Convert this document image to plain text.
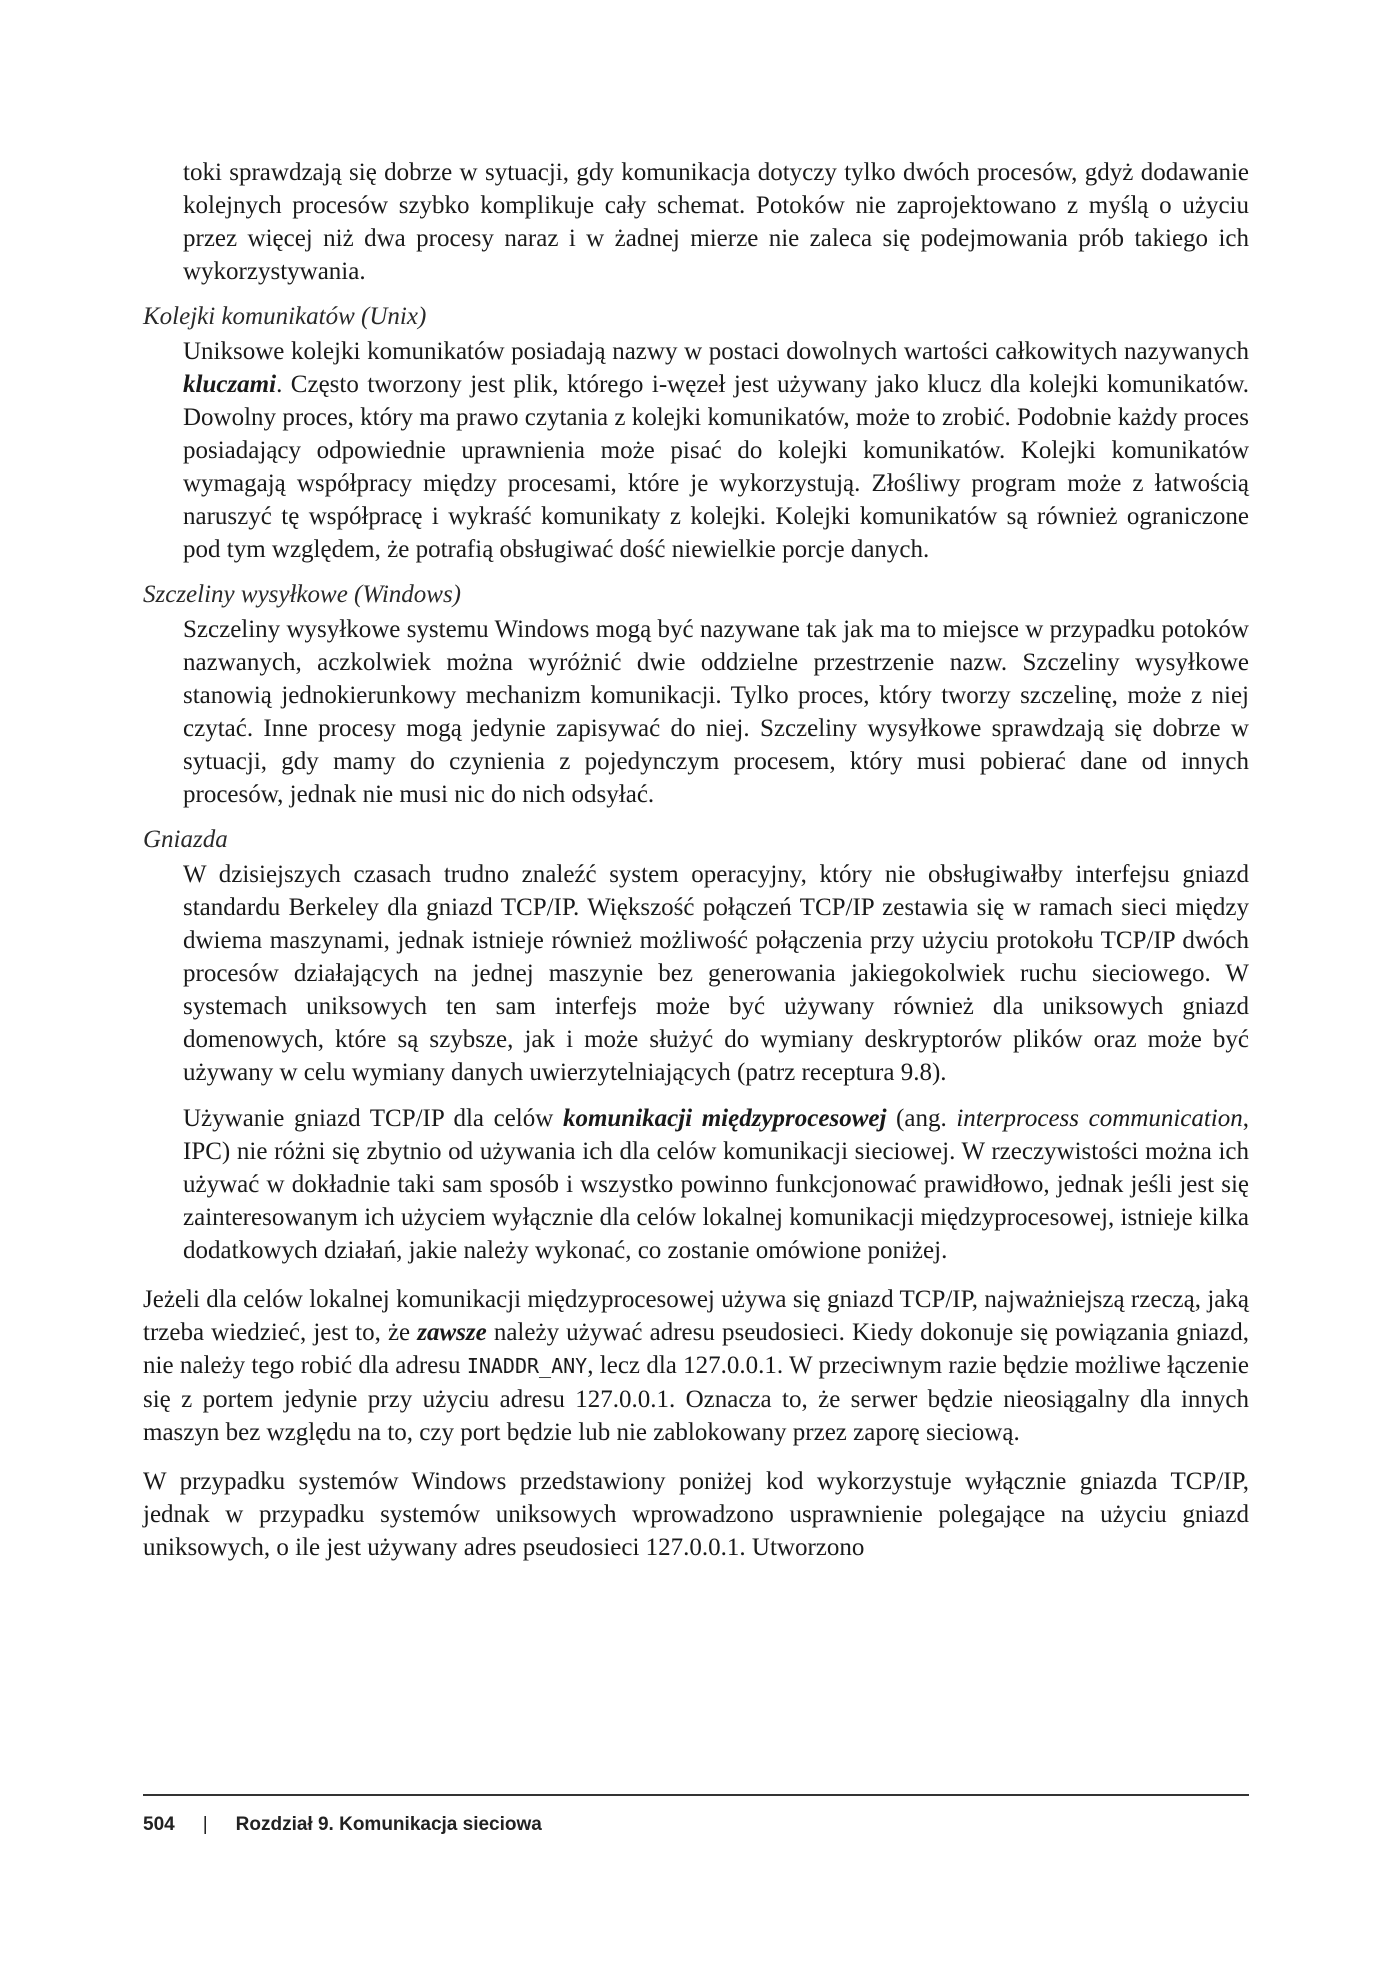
toki sprawdzają się dobrze w sytuacji, gdy komunikacja dotyczy tylko dwóch procesów, gdyż dodawanie kolejnych procesów szybko komplikuje cały schemat. Potoków nie zaprojektowano z myślą o użyciu przez więcej niż dwa procesy naraz i w żadnej mierze nie zaleca się podejmowania prób takiego ich wykorzystywania.

Kolejki komunikatów (Unix)

Uniksowe kolejki komunikatów posiadają nazwy w postaci dowolnych wartości całkowitych nazywanych kluczami. Często tworzony jest plik, którego i-węzeł jest używany jako klucz dla kolejki komunikatów. Dowolny proces, który ma prawo czytania z kolejki komunikatów, może to zrobić. Podobnie każdy proces posiadający odpowiednie uprawnienia może pisać do kolejki komunikatów. Kolejki komunikatów wymagają współpracy między procesami, które je wykorzystują. Złośliwy program może z łatwością naruszyć tę współpracę i wykraść komunikaty z kolejki. Kolejki komunikatów są również ograniczone pod tym względem, że potrafią obsługiwać dość niewielkie porcje danych.

Szczeliny wysyłkowe (Windows)

Szczeliny wysyłkowe systemu Windows mogą być nazywane tak jak ma to miejsce w przypadku potoków nazwanych, aczkolwiek można wyróżnić dwie oddzielne przestrzenie nazw. Szczeliny wysyłkowe stanowią jednokierunkowy mechanizm komunikacji. Tylko proces, który tworzy szczelinę, może z niej czytać. Inne procesy mogą jedynie zapisywać do niej. Szczeliny wysyłkowe sprawdzają się dobrze w sytuacji, gdy mamy do czynienia z pojedynczym procesem, który musi pobierać dane od innych procesów, jednak nie musi nic do nich odsyłać.

Gniazda

W dzisiejszych czasach trudno znaleźć system operacyjny, który nie obsługiwałby interfejsu gniazd standardu Berkeley dla gniazd TCP/IP. Większość połączeń TCP/IP zestawia się w ramach sieci między dwiema maszynami, jednak istnieje również możliwość połączenia przy użyciu protokołu TCP/IP dwóch procesów działających na jednej maszynie bez generowania jakiegokolwiek ruchu sieciowego. W systemach uniksowych ten sam interfejs może być używany również dla uniksowych gniazd domenowych, które są szybsze, jak i może służyć do wymiany deskryptorów plików oraz może być używany w celu wymiany danych uwierzytelniających (patrz receptura 9.8).

Używanie gniazd TCP/IP dla celów komunikacji międzyprocesowej (ang. interprocess communication, IPC) nie różni się zbytnio od używania ich dla celów komunikacji sieciowej. W rzeczywistości można ich używać w dokładnie taki sam sposób i wszystko powinno funkcjonować prawidłowo, jednak jeśli jest się zainteresowanym ich użyciem wyłącznie dla celów lokalnej komunikacji międzyprocesowej, istnieje kilka dodatkowych działań, jakie należy wykonać, co zostanie omówione poniżej.

Jeżeli dla celów lokalnej komunikacji międzyprocesowej używa się gniazd TCP/IP, najważniejszą rzeczą, jaką trzeba wiedzieć, jest to, że zawsze należy używać adresu pseudosieci. Kiedy dokonuje się powiązania gniazd, nie należy tego robić dla adresu INADDR_ANY, lecz dla 127.0.0.1. W przeciwnym razie będzie możliwe łączenie się z portem jedynie przy użyciu adresu 127.0.0.1. Oznacza to, że serwer będzie nieosiągalny dla innych maszyn bez względu na to, czy port będzie lub nie zablokowany przez zaporę sieciową.

W przypadku systemów Windows przedstawiony poniżej kod wykorzystuje wyłącznie gniazda TCP/IP, jednak w przypadku systemów uniksowych wprowadzono usprawnienie polegające na użyciu gniazd uniksowych, o ile jest używany adres pseudosieci 127.0.0.1. Utworzono

504 | Rozdział 9. Komunikacja sieciowa
